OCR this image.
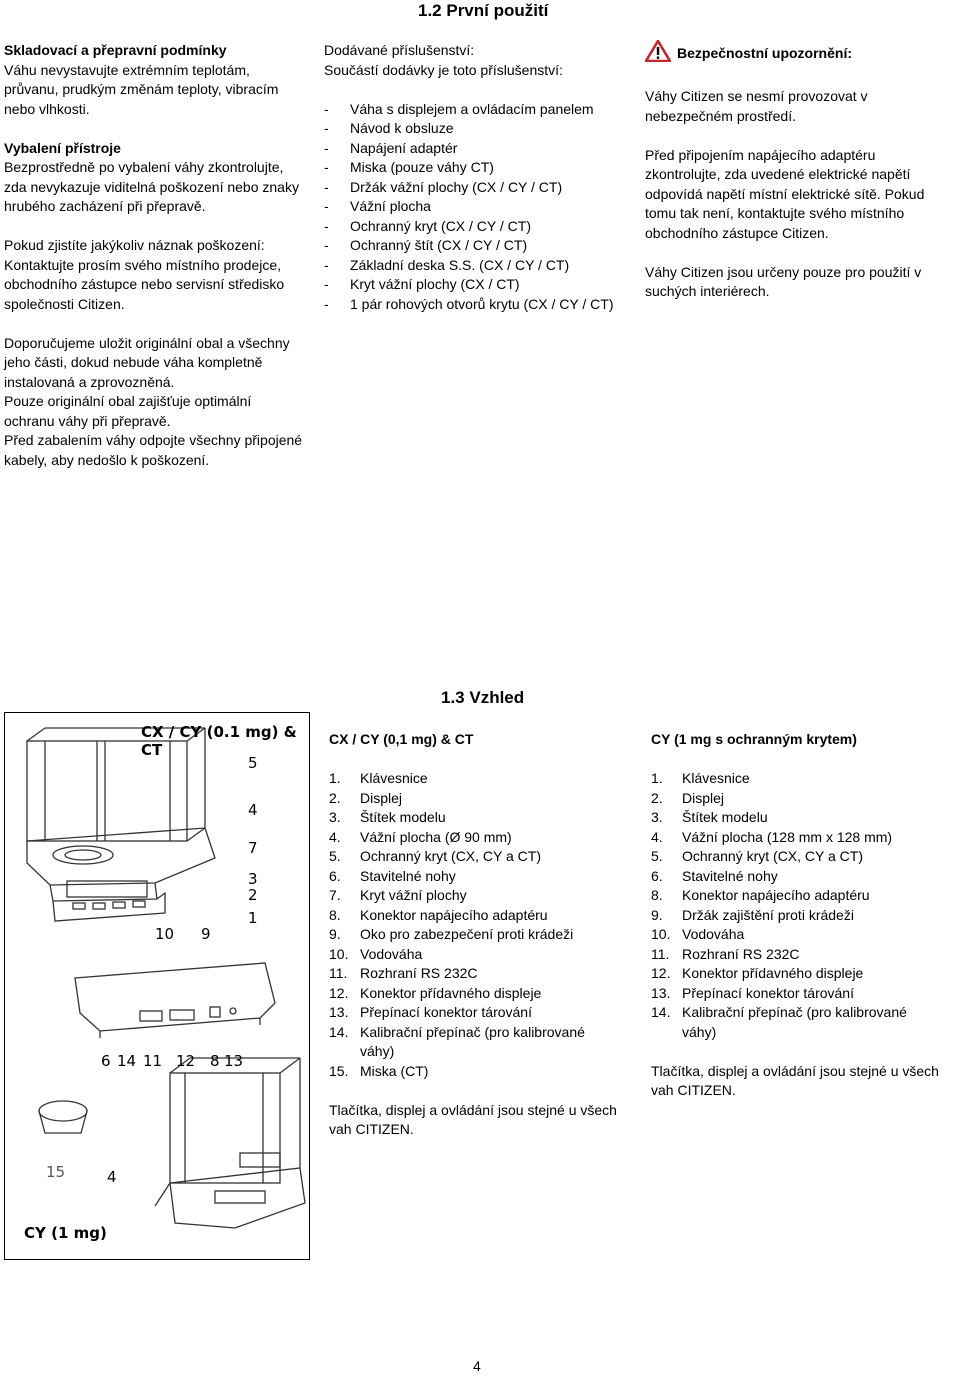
1.2 První použití
Skladovací a přepravní podmínky

Váhu nevystavujte extrémním teplotám, průvanu, prudkým změnám teploty, vibracím nebo vlhkosti.

Vybalení přístroje

Bezprostředně po vybalení váhy zkontrolujte, zda nevykazuje viditelná poškození nebo znaky hrubého zacházení při přepravě.

Pokud zjistíte jakýkoliv náznak poškození: Kontaktujte prosím svého místního prodejce, obchodního zástupce nebo servisní středisko společnosti Citizen.

Doporučujeme uložit originální obal a všechny jeho části, dokud nebude váha kompletně instalovaná a zprovozněná.

Pouze originální obal zajišťuje optimální ochranu váhy při přepravě.

Před zabalením váhy odpojte všechny připojené kabely, aby nedošlo k poškození.

Dodávané příslušenství:
Součástí dodávky je toto příslušenství:
- Váha s displejem a ovládacím panelem
- Návod k obsluze
- Napájení adaptér
- Miska (pouze váhy CT)
- Držák vážní plochy (CX / CY / CT)
- Vážní plocha
- Ochranný kryt (CX / CY / CT)
- Ochranný štít (CX / CY / CT)
- Základní deska S.S. (CX / CY / CT)
- Kryt vážní plochy (CX / CT)
- 1 pár rohových otvorů krytu (CX / CY / CT)
Bezpečnostní upozornění:

Váhy Citizen se nesmí provozovat v nebezpečném prostředí.

Před připojením napájecího adaptéru zkontrolujte, zda uvedené elektrické napětí odpovídá napětí místní elektrické sítě. Pokud tomu tak není, kontaktujte svého místního obchodního zástupce Citizen.

Váhy Citizen jsou určeny pouze pro použití v suchých interiérech.

1.3 Vzhled
CX / CY (0.1 mg) & CT
5
4
7
3
2
1
10 9
6 14 11 12 8 13
15	4
CY (1 mg)
CX / CY (0,1 mg) & CT
1.	Klávesnice
2.	Displej
3.	Štítek modelu
4.	Vážní plocha (Ø 90 mm)
5.	Ochranný kryt (CX, CY a CT)
6.	Stavitelné nohy
7.	Kryt vážní plochy
8.	Konektor napájecího adaptéru
9.	Oko pro zabezpečení proti krádeži
10. Vodováha
11. Rozhraní RS 232C
12. Konektor přídavného displeje
13. Přepínací konektor tárování
14. Kalibrační přepínač (pro kalibrované váhy)
15. Miska (CT)

Tlačítka, displej a ovládání jsou stejné u všech vah CITIZEN.

CY (1 mg s ochranným krytem)
1.	Klávesnice
2.	Displej
3.	Štítek modelu
4.	Vážní plocha (128 mm x 128 mm)
5.	Ochranný kryt (CX, CY a CT)
6.	Stavitelné nohy
8.	Konektor napájecího adaptéru
9.	Držák zajištění proti krádeži
10. Vodováha
11. Rozhraní RS 232C
12. Konektor přídavného displeje
13. Přepínací konektor tárování
14. Kalibrační přepínač (pro kalibrované váhy)

Tlačítka, displej a ovládání jsou stejné u všech vah CITIZEN.

4
